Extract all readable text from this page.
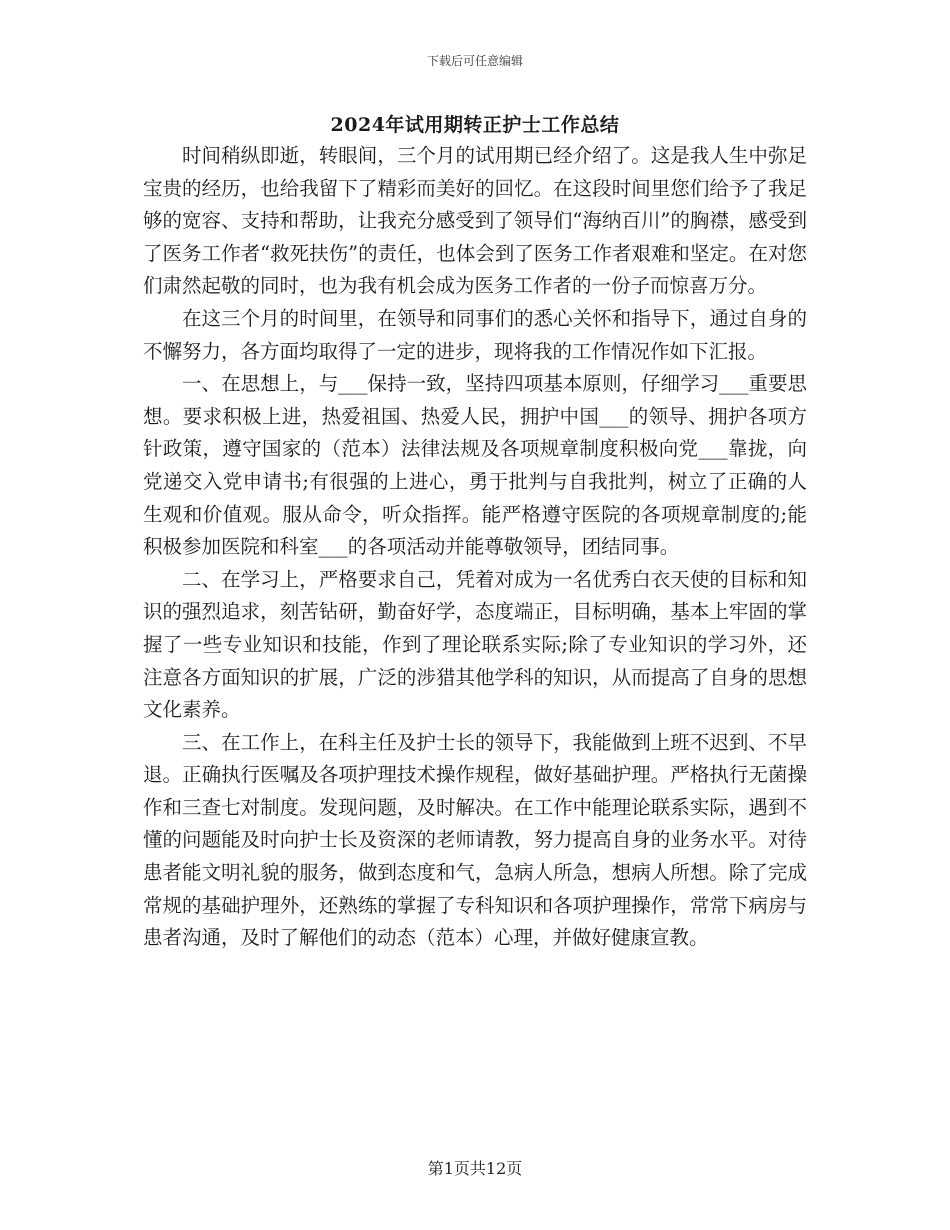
下载后可任意编辑
2024年试用期转正护士工作总结

时间稍纵即逝，转眼间，三个月的试用期已经介绍了。这是我人生中弥足宝贵的经历，也给我留下了精彩而美好的回忆。在这段时间里您们给予了我足够的宽容、支持和帮助，让我充分感受到了领导们“海纳百川”的胸襟，感受到了医务工作者“救死扶伤”的责任，也体会到了医务工作者艰难和坚定。在对您们肃然起敬的同时，也为我有机会成为医务工作者的一份子而惊喜万分。

在这三个月的时间里，在领导和同事们的悉心关怀和指导下，通过自身的不懈努力，各方面均取得了一定的进步，现将我的工作情况作如下汇报。

一、在思想上，与___保持一致，坚持四项基本原则，仔细学习___重要思想。要求积极上进，热爱祖国、热爱人民，拥护中国___的领导、拥护各项方针政策，遵守国家的（范本）法律法规及各项规章制度积极向党___靠拢，向党递交入党申请书;有很强的上进心，勇于批判与自我批判，树立了正确的人生观和价值观。服从命令，听众指挥。能严格遵守医院的各项规章制度的;能积极参加医院和科室___的各项活动并能尊敬领导，团结同事。

二、在学习上，严格要求自己，凭着对成为一名优秀白衣天使的目标和知识的强烈追求，刻苦钻研，勤奋好学，态度端正，目标明确，基本上牢固的掌握了一些专业知识和技能，作到了理论联系实际;除了专业知识的学习外，还注意各方面知识的扩展，广泛的涉猎其他学科的知识，从而提高了自身的思想文化素养。

三、在工作上，在科主任及护士长的领导下，我能做到上班不迟到、不早退。正确执行医嘱及各项护理技术操作规程，做好基础护理。严格执行无菌操作和三查七对制度。发现问题，及时解决。在工作中能理论联系实际，遇到不懂的问题能及时向护士长及资深的老师请教，努力提高自身的业务水平。对待患者能文明礼貌的服务，做到态度和气，急病人所急，想病人所想。除了完成常规的基础护理外，还熟练的掌握了专科知识和各项护理操作，常常下病房与患者沟通，及时了解他们的动态（范本）心理，并做好健康宣教。

第1页共12页
